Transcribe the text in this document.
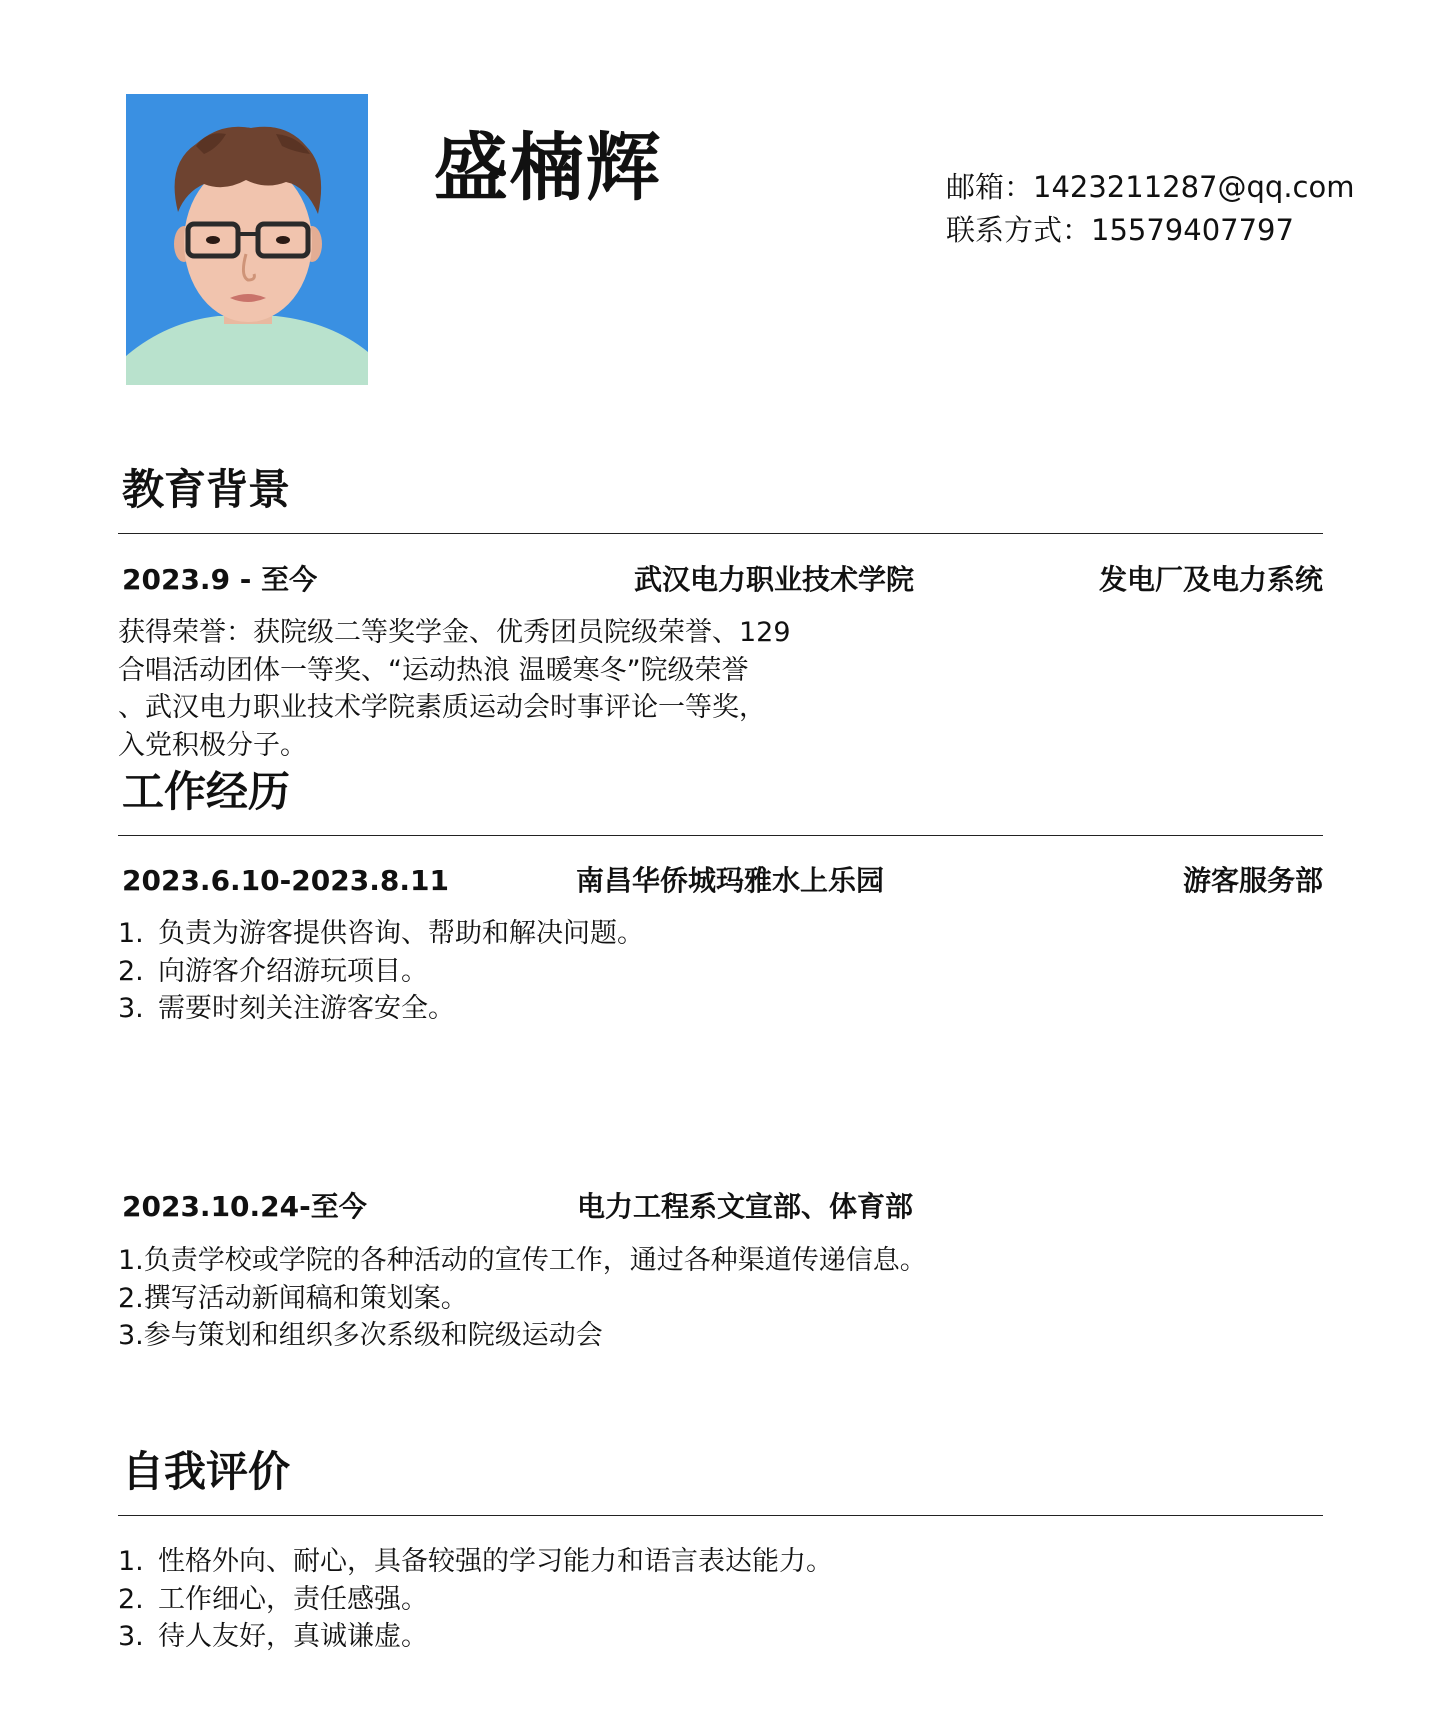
盛楠辉	邮箱：1423211287@qq.com
联系方式：15579407797
教育背景
2023.9 - 至今	武汉电力职业技术学院	发电厂及电力系统
获得荣誉：获院级二等奖学金、优秀团员院级荣誉、129
合唱活动团体一等奖、“运动热浪 温暖寒冬”院级荣誉
、武汉电力职业技术学院素质运动会时事评论一等奖，
入党积极分子。
工作经历
2023.6.10-2023.8.11	南昌华侨城玛雅水上乐园	游客服务部
1. 负责为游客提供咨询、帮助和解决问题。
2. 向游客介绍游玩项目。
3. 需要时刻关注游客安全。
2023.10.24-至今	电力工程系文宣部、体育部
1.负责学校或学院的各种活动的宣传工作，通过各种渠道传递信息。
2.撰写活动新闻稿和策划案。
3.参与策划和组织多次系级和院级运动会
自我评价
1. 性格外向、耐心，具备较强的学习能力和语言表达能力。
2. 工作细心，责任感强。
3. 待人友好，真诚谦虚。
